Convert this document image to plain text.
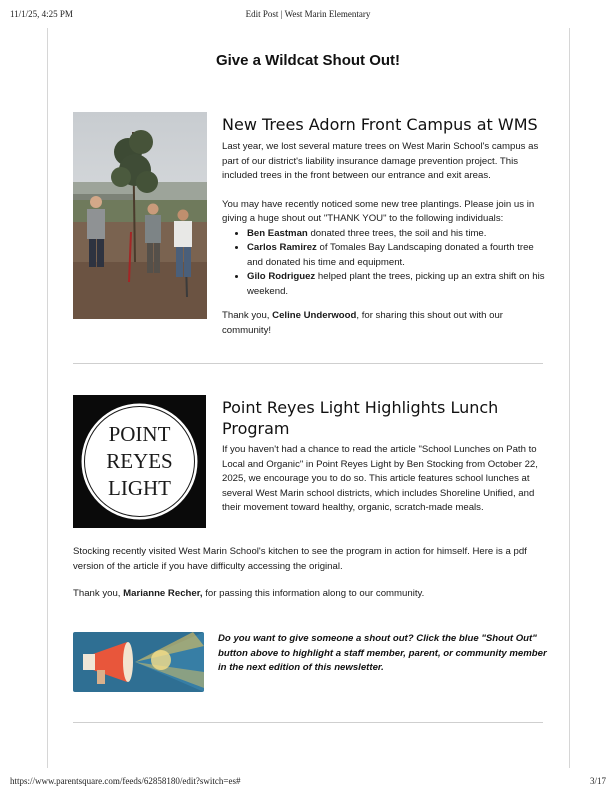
11/1/25, 4:25 PM	Edit Post | West Marin Elementary
Give a Wildcat Shout Out!
New Trees Adorn Front Campus at WMS

Last year, we lost several mature trees on West Marin School's campus as part of our district's liability insurance damage prevention project. This included trees in the front between our entrance and exit areas.

You may have recently noticed some new tree plantings. Please join us in giving a huge shout out "THANK YOU" to the following individuals:

• Ben Eastman donated three trees, the soil and his time.
• Carlos Ramirez of Tomales Bay Landscaping donated a fourth tree and donated his time and equipment.
• Gilo Rodriguez helped plant the trees, picking up an extra shift on his weekend.

Thank you, Celine Underwood, for sharing this shout out with our community!

POINT
REYES
LIGHT
Point Reyes Light Highlights Lunch Program
If you haven't had a chance to read the article "School Lunches on Path to Local and Organic" in Point Reyes Light by Ben Stocking from October 22, 2025, we encourage you to do so. This article features school lunches at several West Marin school districts, which includes Shoreline Unified, and their movement toward healthy, organic, scratch-made meals.
Stocking recently visited West Marin School's kitchen to see the program in action for himself. Here is a pdf version of the article if you have difficulty accessing the original.
Thank you, Marianne Recher, for passing this information along to our community.
Do you want to give someone a shout out? Click the blue "Shout Out" button above to highlight a staff member, parent, or community member in the next edition of this newsletter.
https://www.parentsquare.com/feeds/62858180/edit?switch=es#	3/17
